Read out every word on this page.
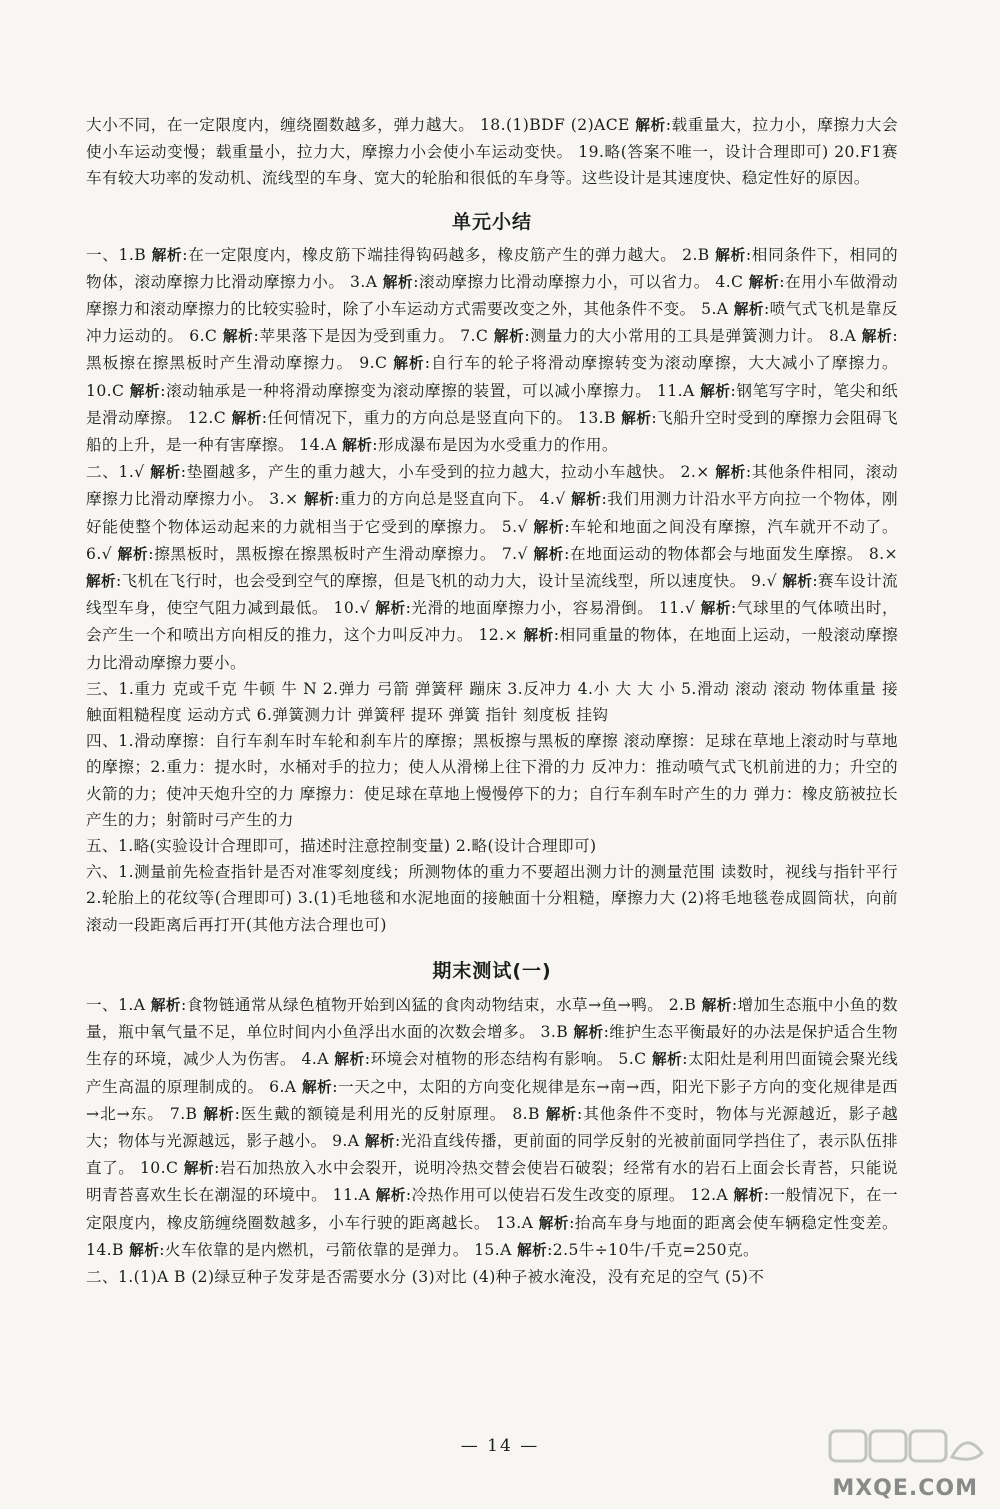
大小不同，在一定限度内，缠绕圈数越多，弹力越大。 18.(1)BDF (2)ACE 解析:载重量大，拉力小，摩擦力大会使小车运动变慢；载重量小，拉力大，摩擦力小会使小车运动变快。 19.略(答案不唯一，设计合理即可) 20.F1赛车有较大功率的发动机、流线型的车身、宽大的轮胎和很低的车身等。这些设计是其速度快、稳定性好的原因。

单元小结

一、1.B 解析:在一定限度内，橡皮筋下端挂得钩码越多，橡皮筋产生的弹力越大。 2.B 解析:相同条件下，相同的物体，滚动摩擦力比滑动摩擦力小。 3.A 解析:滚动摩擦力比滑动摩擦力小，可以省力。 4.C 解析:在用小车做滑动摩擦力和滚动摩擦力的比较实验时，除了小车运动方式需要改变之外，其他条件不变。 5.A 解析:喷气式飞机是靠反冲力运动的。 6.C 解析:苹果落下是因为受到重力。 7.C 解析:测量力的大小常用的工具是弹簧测力计。 8.A 解析:黑板擦在擦黑板时产生滑动摩擦力。 9.C 解析:自行车的轮子将滑动摩擦转变为滚动摩擦，大大减小了摩擦力。 10.C 解析:滚动轴承是一种将滑动摩擦变为滚动摩擦的装置，可以减小摩擦力。 11.A 解析:钢笔写字时，笔尖和纸是滑动摩擦。 12.C 解析:任何情况下，重力的方向总是竖直向下的。 13.B 解析:飞船升空时受到的摩擦力会阻碍飞船的上升，是一种有害摩擦。 14.A 解析:形成瀑布是因为水受重力的作用。

二、1.√ 解析:垫圈越多，产生的重力越大，小车受到的拉力越大，拉动小车越快。 2.× 解析:其他条件相同，滚动摩擦力比滑动摩擦力小。 3.× 解析:重力的方向总是竖直向下。 4.√ 解析:我们用测力计沿水平方向拉一个物体，刚好能使整个物体运动起来的力就相当于它受到的摩擦力。 5.√ 解析:车轮和地面之间没有摩擦，汽车就开不动了。 6.√ 解析:擦黑板时，黑板擦在擦黑板时产生滑动摩擦力。 7.√ 解析:在地面运动的物体都会与地面发生摩擦。 8.× 解析:飞机在飞行时，也会受到空气的摩擦，但是飞机的动力大，设计呈流线型，所以速度快。 9.√ 解析:赛车设计流线型车身，使空气阻力减到最低。 10.√ 解析:光滑的地面摩擦力小，容易滑倒。 11.√ 解析:气球里的气体喷出时，会产生一个和喷出方向相反的推力，这个力叫反冲力。 12.× 解析:相同重量的物体，在地面上运动，一般滚动摩擦力比滑动摩擦力要小。

三、1.重力 克或千克 牛顿 牛 N 2.弹力 弓箭 弹簧秤 蹦床 3.反冲力 4.小 大 大 小 5.滑动 滚动 滚动 物体重量 接触面粗糙程度 运动方式 6.弹簧测力计 弹簧秤 提环 弹簧 指针 刻度板 挂钩

四、1.滑动摩擦：自行车刹车时车轮和刹车片的摩擦；黑板擦与黑板的摩擦 滚动摩擦：足球在草地上滚动时与草地的摩擦；2.重力：提水时，水桶对手的拉力；使人从滑梯上往下滑的力 反冲力：推动喷气式飞机前进的力；升空的火箭的力；使冲天炮升空的力 摩擦力：使足球在草地上慢慢停下的力；自行车刹车时产生的力 弹力：橡皮筋被拉长产生的力；射箭时弓产生的力

五、1.略(实验设计合理即可，描述时注意控制变量) 2.略(设计合理即可)

六、1.测量前先检查指针是否对准零刻度线；所测物体的重力不要超出测力计的测量范围 读数时，视线与指针平行 2.轮胎上的花纹等(合理即可) 3.(1)毛地毯和水泥地面的接触面十分粗糙，摩擦力大 (2)将毛地毯卷成圆筒状，向前滚动一段距离后再打开(其他方法合理也可)

期末测试(一)

一、1.A 解析:食物链通常从绿色植物开始到凶猛的食肉动物结束，水草→鱼→鸭。 2.B 解析:增加生态瓶中小鱼的数量，瓶中氧气量不足，单位时间内小鱼浮出水面的次数会增多。 3.B 解析:维护生态平衡最好的办法是保护适合生物生存的环境，减少人为伤害。 4.A 解析:环境会对植物的形态结构有影响。 5.C 解析:太阳灶是利用凹面镜会聚光线产生高温的原理制成的。 6.A 解析:一天之中，太阳的方向变化规律是东→南→西，阳光下影子方向的变化规律是西→北→东。 7.B 解析:医生戴的额镜是利用光的反射原理。 8.B 解析:其他条件不变时，物体与光源越近，影子越大；物体与光源越远，影子越小。 9.A 解析:光沿直线传播，更前面的同学反射的光被前面同学挡住了，表示队伍排直了。 10.C 解析:岩石加热放入水中会裂开，说明冷热交替会使岩石破裂；经常有水的岩石上面会长青苔，只能说明青苔喜欢生长在潮湿的环境中。 11.A 解析:冷热作用可以使岩石发生改变的原理。 12.A 解析:一般情况下，在一定限度内，橡皮筋缠绕圈数越多，小车行驶的距离越长。 13.A 解析:抬高车身与地面的距离会使车辆稳定性变差。 14.B 解析:火车依靠的是内燃机，弓箭依靠的是弹力。 15.A 解析:2.5牛÷10牛/千克=250克。

二、1.(1)A B (2)绿豆种子发芽是否需要水分 (3)对比 (4)种子被水淹没，没有充足的空气 (5)不

— 14 —
MXQE.COM
